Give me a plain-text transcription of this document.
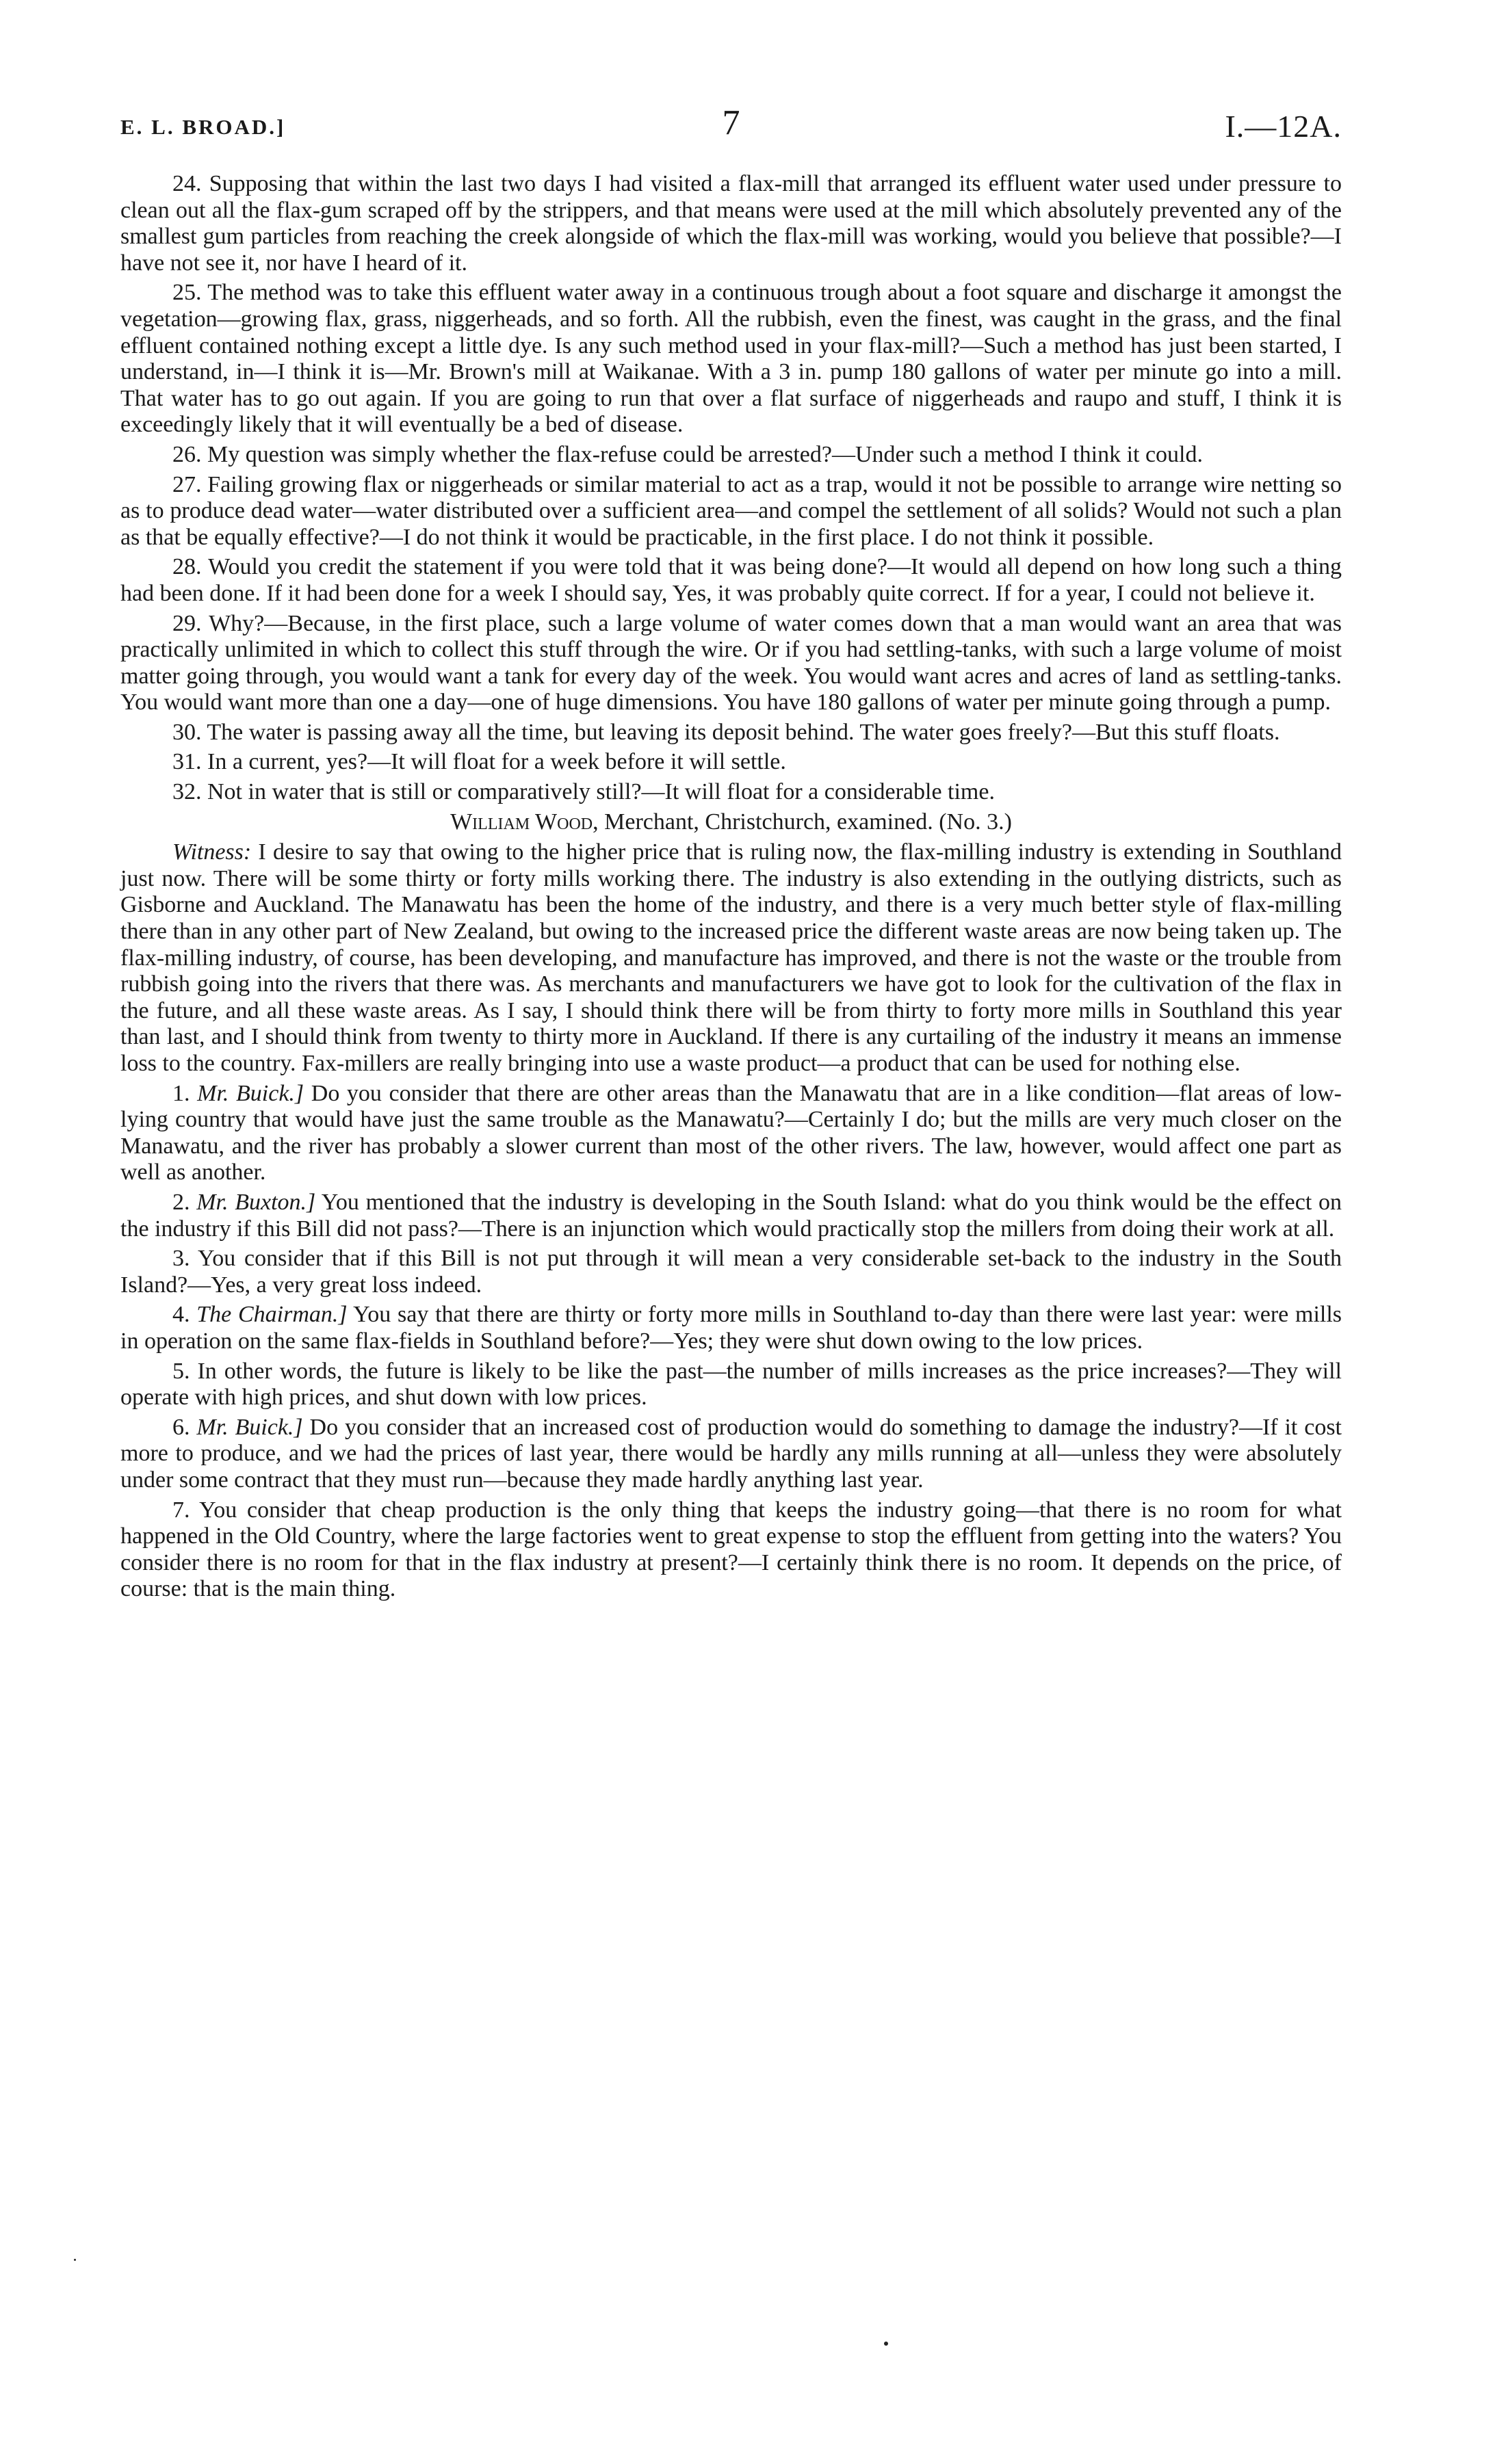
E. L. BROAD.]	7	I.—12A.

24. Supposing that within the last two days I had visited a flax-mill that arranged its effluent water used under pressure to clean out all the flax-gum scraped off by the strippers, and that means were used at the mill which absolutely prevented any of the smallest gum particles from reaching the creek alongside of which the flax-mill was working, would you believe that possible?—I have not see it, nor have I heard of it.

25. The method was to take this effluent water away in a continuous trough about a foot square and discharge it amongst the vegetation—growing flax, grass, niggerheads, and so forth. All the rubbish, even the finest, was caught in the grass, and the final effluent contained nothing except a little dye. Is any such method used in your flax-mill?—Such a method has just been started, I understand, in—I think it is—Mr. Brown's mill at Waikanae. With a 3 in. pump 180 gallons of water per minute go into a mill. That water has to go out again. If you are going to run that over a flat surface of niggerheads and raupo and stuff, I think it is exceedingly likely that it will eventually be a bed of disease.

26. My question was simply whether the flax-refuse could be arrested?—Under such a method I think it could.

27. Failing growing flax or niggerheads or similar material to act as a trap, would it not be possible to arrange wire netting so as to produce dead water—water distributed over a sufficient area—and compel the settlement of all solids? Would not such a plan as that be equally effective?—I do not think it would be practicable, in the first place. I do not think it possible.

28. Would you credit the statement if you were told that it was being done?—It would all depend on how long such a thing had been done. If it had been done for a week I should say, Yes, it was probably quite correct. If for a year, I could not believe it.

29. Why?—Because, in the first place, such a large volume of water comes down that a man would want an area that was practically unlimited in which to collect this stuff through the wire. Or if you had settling-tanks, with such a large volume of moist matter going through, you would want a tank for every day of the week. You would want acres and acres of land as settling-tanks. You would want more than one a day—one of huge dimensions. You have 180 gallons of water per minute going through a pump.

30. The water is passing away all the time, but leaving its deposit behind. The water goes freely?—But this stuff floats.

31. In a current, yes?—It will float for a week before it will settle.

32. Not in water that is still or comparatively still?—It will float for a considerable time.

William Wood, Merchant, Christchurch, examined. (No. 3.)

Witness: I desire to say that owing to the higher price that is ruling now, the flax-milling industry is extending in Southland just now. There will be some thirty or forty mills working there. The industry is also extending in the outlying districts, such as Gisborne and Auckland. The Manawatu has been the home of the industry, and there is a very much better style of flax-milling there than in any other part of New Zealand, but owing to the increased price the different waste areas are now being taken up. The flax-milling industry, of course, has been developing, and manufacture has improved, and there is not the waste or the trouble from rubbish going into the rivers that there was. As merchants and manufacturers we have got to look for the cultivation of the flax in the future, and all these waste areas. As I say, I should think there will be from thirty to forty more mills in Southland this year than last, and I should think from twenty to thirty more in Auckland. If there is any curtailing of the industry it means an immense loss to the country. Fax-millers are really bringing into use a waste product—a product that can be used for nothing else.

1. Mr. Buick.] Do you consider that there are other areas than the Manawatu that are in a like condition—flat areas of low-lying country that would have just the same trouble as the Manawatu?—Certainly I do; but the mills are very much closer on the Manawatu, and the river has probably a slower current than most of the other rivers. The law, however, would affect one part as well as another.

2. Mr. Buxton.] You mentioned that the industry is developing in the South Island: what do you think would be the effect on the industry if this Bill did not pass?—There is an injunction which would practically stop the millers from doing their work at all.

3. You consider that if this Bill is not put through it will mean a very considerable set-back to the industry in the South Island?—Yes, a very great loss indeed.

4. The Chairman.] You say that there are thirty or forty more mills in Southland to-day than there were last year: were mills in operation on the same flax-fields in Southland before?—Yes; they were shut down owing to the low prices.

5. In other words, the future is likely to be like the past—the number of mills increases as the price increases?—They will operate with high prices, and shut down with low prices.

6. Mr. Buick.] Do you consider that an increased cost of production would do something to damage the industry?—If it cost more to produce, and we had the prices of last year, there would be hardly any mills running at all—unless they were absolutely under some contract that they must run—because they made hardly anything last year.

7. You consider that cheap production is the only thing that keeps the industry going—that there is no room for what happened in the Old Country, where the large factories went to great expense to stop the effluent from getting into the waters? You consider there is no room for that in the flax industry at present?—I certainly think there is no room. It depends on the price, of course: that is the main thing.
